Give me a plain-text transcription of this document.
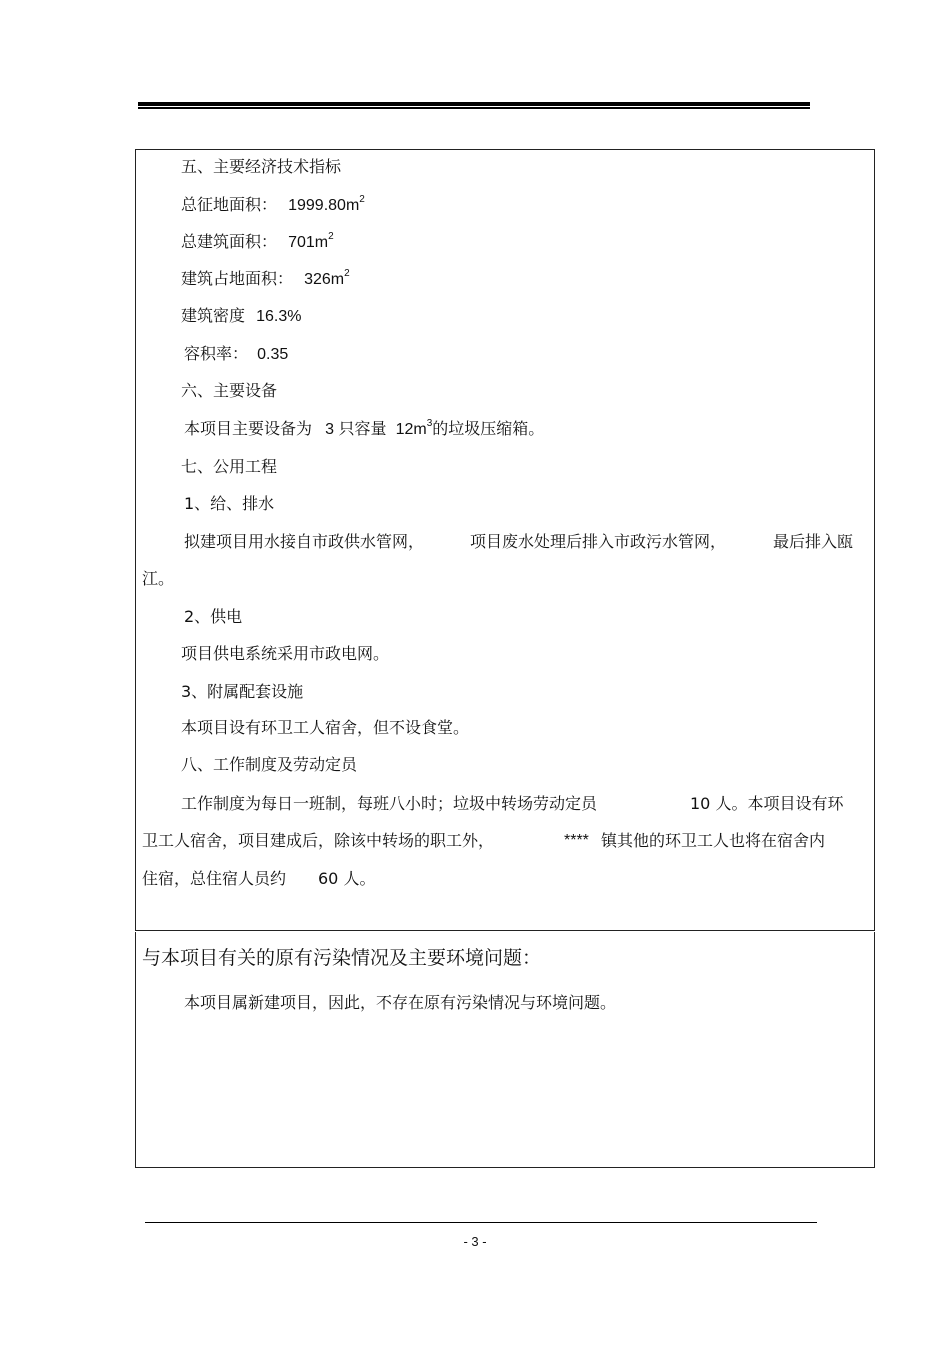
五、主要经济技术指标
总征地面积： $1999.80m^2$
总建筑面积： $701m^2$
建筑占地面积： $326m^2$
建筑密度 16.3%
容积率： 0.35
六、主要设备
本项目主要设备为 3 只容量 $12m^3$的垃圾压缩箱。
七、公用工程
1、给、排水
拟建项目用水接自市政供水管网，	项目废水处理后排入市政污水管网，	最后排入瓯
江。
2、供电
项目供电系统采用市政电网。
3、附属配套设施
本项目设有环卫工人宿舍，但不设食堂。
八、工作制度及劳动定员
工作制度为每日一班制，每班八小时；垃圾中转场劳动定员	10 人。本项目设有环
卫工人宿舍，项目建成后，除该中转场的职工外，	**** 镇其他的环卫工人也将在宿舍内
住宿，总住宿人员约 60 人。
与本项目有关的原有污染情况及主要环境问题：
本项目属新建项目，因此，不存在原有污染情况与环境问题。
- 3 -
